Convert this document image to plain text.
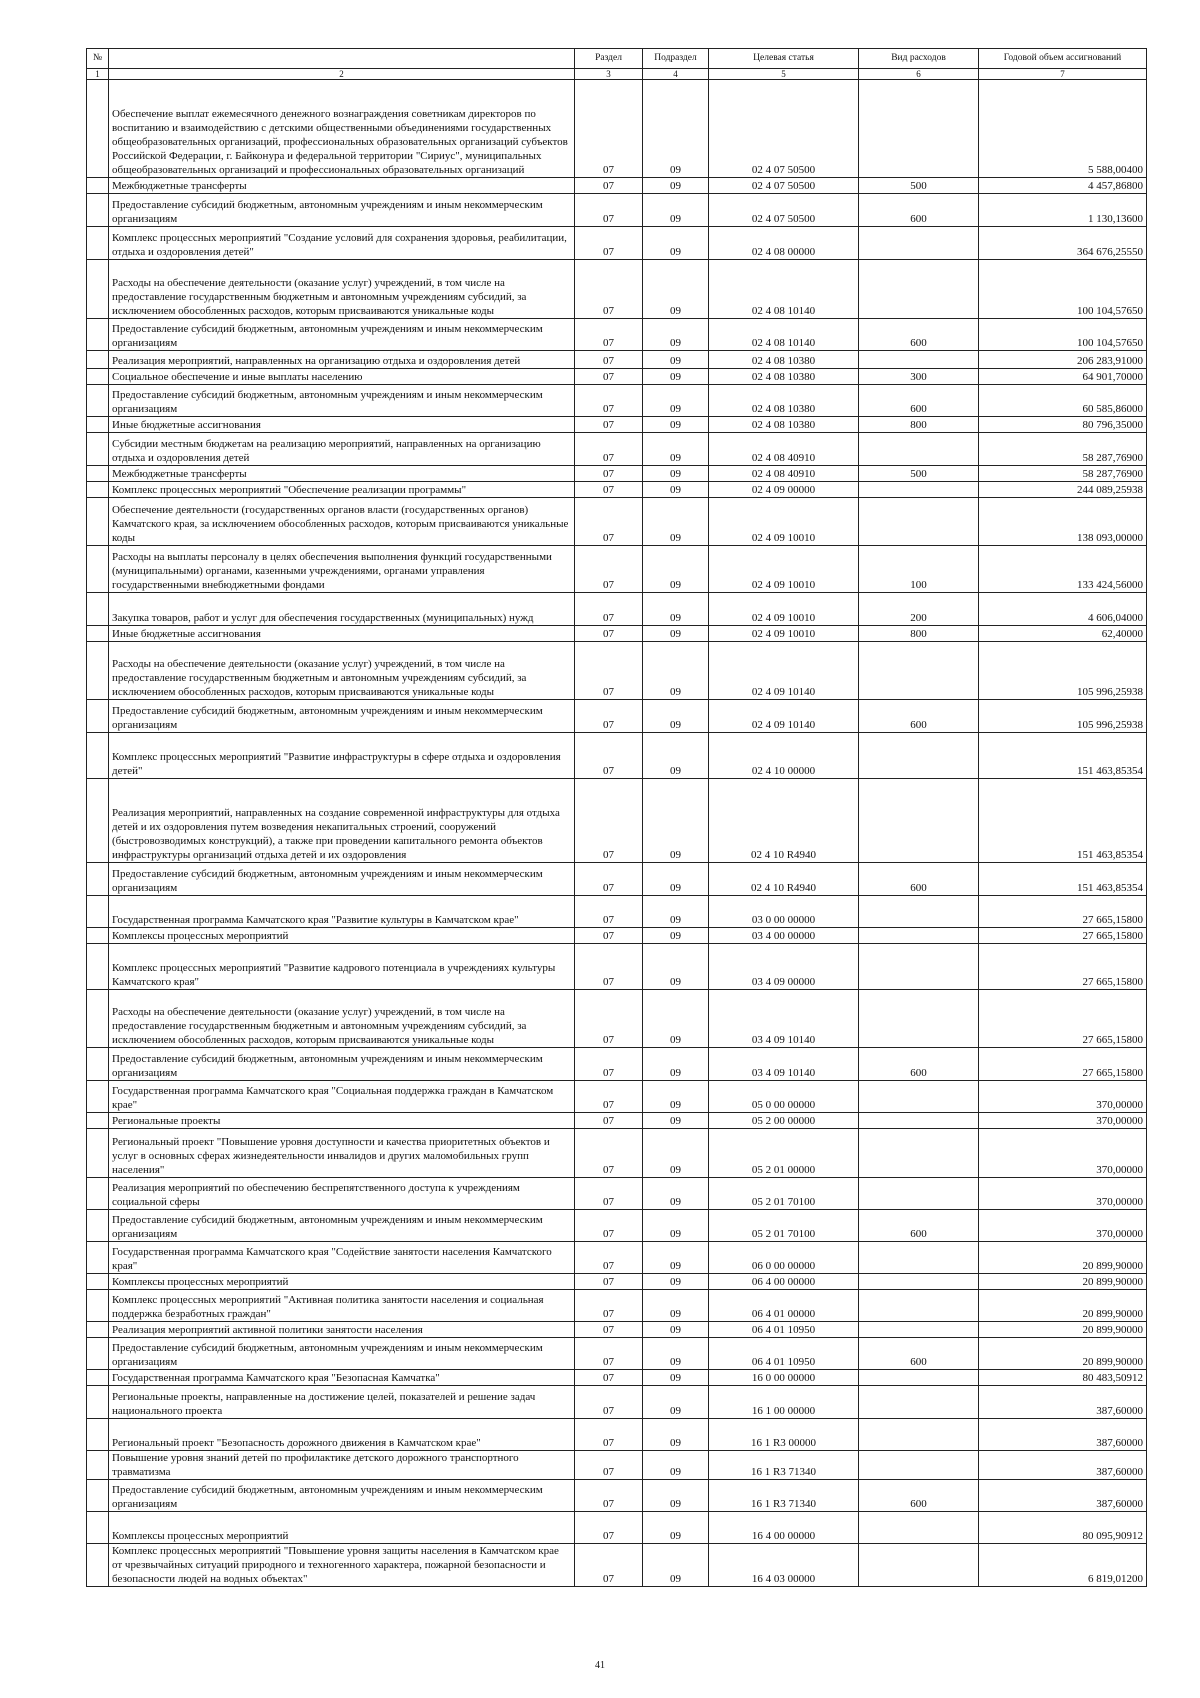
№		Раздел	Подраздел	Целевая статья	Вид расходов	Годовой объем ассигнований
1	2	3	4	5	6	7

	Обеспечение выплат ежемесячного денежного вознаграждения советникам директоров по воспитанию и взаимодействию с детскими общественными объединениями государственных общеобразовательных организаций, профессиональных образовательных организаций субъектов Российской Федерации, г. Байконура и федеральной территории "Сириус", муниципальных общеобразовательных организаций и профессиональных образовательных организаций	07	09	02 4 07 50500		5 588,00400

	Межбюджетные трансферты	07	09	02 4 07 50500	500	4 457,86800

	Предоставление субсидий бюджетным, автономным учреждениям и иным некоммерческим организациям	07	09	02 4 07 50500	600	1 130,13600

	Комплекс процессных мероприятий "Создание условий для сохранения здоровья, реабилитации, отдыха и оздоровления детей"	07	09	02 4 08 00000		364 676,25550

	Расходы на обеспечение деятельности (оказание услуг) учреждений, в том числе на предоставление государственным бюджетным и автономным учреждениям субсидий, за исключением обособленных расходов, которым присваиваются уникальные коды	07	09	02 4 08 10140		100 104,57650

	Предоставление субсидий бюджетным, автономным учреждениям и иным некоммерческим организациям	07	09	02 4 08 10140	600	100 104,57650

	Реализация мероприятий, направленных на организацию отдыха и оздоровления детей	07	09	02 4 08 10380		206 283,91000

	Социальное обеспечение и иные выплаты населению	07	09	02 4 08 10380	300	64 901,70000

	Предоставление субсидий бюджетным, автономным учреждениям и иным некоммерческим организациям	07	09	02 4 08 10380	600	60 585,86000

	Иные бюджетные ассигнования	07	09	02 4 08 10380	800	80 796,35000

	Субсидии местным бюджетам на реализацию мероприятий, направленных на организацию отдыха и оздоровления детей	07	09	02 4 08 40910		58 287,76900

	Межбюджетные трансферты	07	09	02 4 08 40910	500	58 287,76900

	Комплекс процессных мероприятий "Обеспечение реализации программы"	07	09	02 4 09 00000		244 089,25938

	Обеспечение деятельности (государственных органов власти (государственных органов) Камчатского края, за исключением обособленных расходов, которым присваиваются уникальные коды	07	09	02 4 09 10010		138 093,00000

	Расходы на выплаты персоналу в целях обеспечения выполнения функций государственными (муниципальными) органами, казенными учреждениями, органами управления государственными внебюджетными фондами	07	09	02 4 09 10010	100	133 424,56000

	Закупка товаров, работ и услуг для обеспечения государственных (муниципальных) нужд	07	09	02 4 09 10010	200	4 606,04000

	Иные бюджетные ассигнования	07	09	02 4 09 10010	800	62,40000

	Расходы на обеспечение деятельности (оказание услуг) учреждений, в том числе на предоставление государственным бюджетным и автономным учреждениям субсидий, за исключением обособленных расходов, которым присваиваются уникальные коды	07	09	02 4 09 10140		105 996,25938

	Предоставление субсидий бюджетным, автономным учреждениям и иным некоммерческим организациям	07	09	02 4 09 10140	600	105 996,25938

	Комплекс процессных мероприятий "Развитие инфраструктуры в сфере отдыха и оздоровления детей"	07	09	02 4 10 00000		151 463,85354

	Реализация мероприятий, направленных на создание современной инфраструктуры для отдыха детей и их оздоровления путем возведения некапитальных строений, сооружений (быстровозводимых конструкций), а также при проведении капитального ремонта объектов инфраструктуры организаций отдыха детей и их оздоровления	07	09	02 4 10 R4940		151 463,85354

	Предоставление субсидий бюджетным, автономным учреждениям и иным некоммерческим организациям	07	09	02 4 10 R4940	600	151 463,85354

	Государственная программа Камчатского края "Развитие культуры в Камчатском крае"	07	09	03 0 00 00000		27 665,15800

	Комплексы процессных мероприятий	07	09	03 4 00 00000		27 665,15800

	Комплекс процессных мероприятий "Развитие кадрового потенциала в учреждениях культуры Камчатского края"	07	09	03 4 09 00000		27 665,15800

	Расходы на обеспечение деятельности (оказание услуг) учреждений, в том числе на предоставление государственным бюджетным и автономным учреждениям субсидий, за исключением обособленных расходов, которым присваиваются уникальные коды	07	09	03 4 09 10140		27 665,15800

	Предоставление субсидий бюджетным, автономным учреждениям и иным некоммерческим организациям	07	09	03 4 09 10140	600	27 665,15800

	Государственная программа Камчатского края "Социальная поддержка граждан в Камчатском крае"	07	09	05 0 00 00000		370,00000

	Региональные проекты	07	09	05 2 00 00000		370,00000

	Региональный проект "Повышение уровня доступности и качества приоритетных объектов и услуг в основных сферах жизнедеятельности инвалидов и других маломобильных групп населения"	07	09	05 2 01 00000		370,00000

	Реализация мероприятий по обеспечению беспрепятственного доступа к учреждениям социальной сферы	07	09	05 2 01 70100		370,00000

	Предоставление субсидий бюджетным, автономным учреждениям и иным некоммерческим организациям	07	09	05 2 01 70100	600	370,00000

	Государственная программа Камчатского края "Содействие занятости населения Камчатского края"	07	09	06 0 00 00000		20 899,90000

	Комплексы процессных мероприятий	07	09	06 4 00 00000		20 899,90000

	Комплекс процессных мероприятий "Активная политика занятости населения и социальная поддержка безработных граждан"	07	09	06 4 01 00000		20 899,90000

	Реализация мероприятий активной политики занятости населения	07	09	06 4 01 10950		20 899,90000

	Предоставление субсидий бюджетным, автономным учреждениям и иным некоммерческим организациям	07	09	06 4 01 10950	600	20 899,90000

	Государственная программа Камчатского края "Безопасная Камчатка"	07	09	16 0 00 00000		80 483,50912

	Региональные проекты, направленные на достижение целей, показателей и решение задач национального проекта	07	09	16 1 00 00000		387,60000

	Региональный проект "Безопасность дорожного движения в Камчатском крае"	07	09	16 1 R3 00000		387,60000

	Повышение уровня знаний детей по профилактике детского дорожного транспортного травматизма	07	09	16 1 R3 71340		387,60000

	Предоставление субсидий бюджетным, автономным учреждениям и иным некоммерческим организациям	07	09	16 1 R3 71340	600	387,60000

	Комплексы процессных мероприятий	07	09	16 4 00 00000		80 095,90912

	Комплекс процессных мероприятий "Повышение уровня защиты населения в Камчатском крае от чрезвычайных ситуаций природного и техногенного характера, пожарной безопасности и безопасности людей на водных объектах"	07	09	16 4 03 00000		6 819,01200
41
